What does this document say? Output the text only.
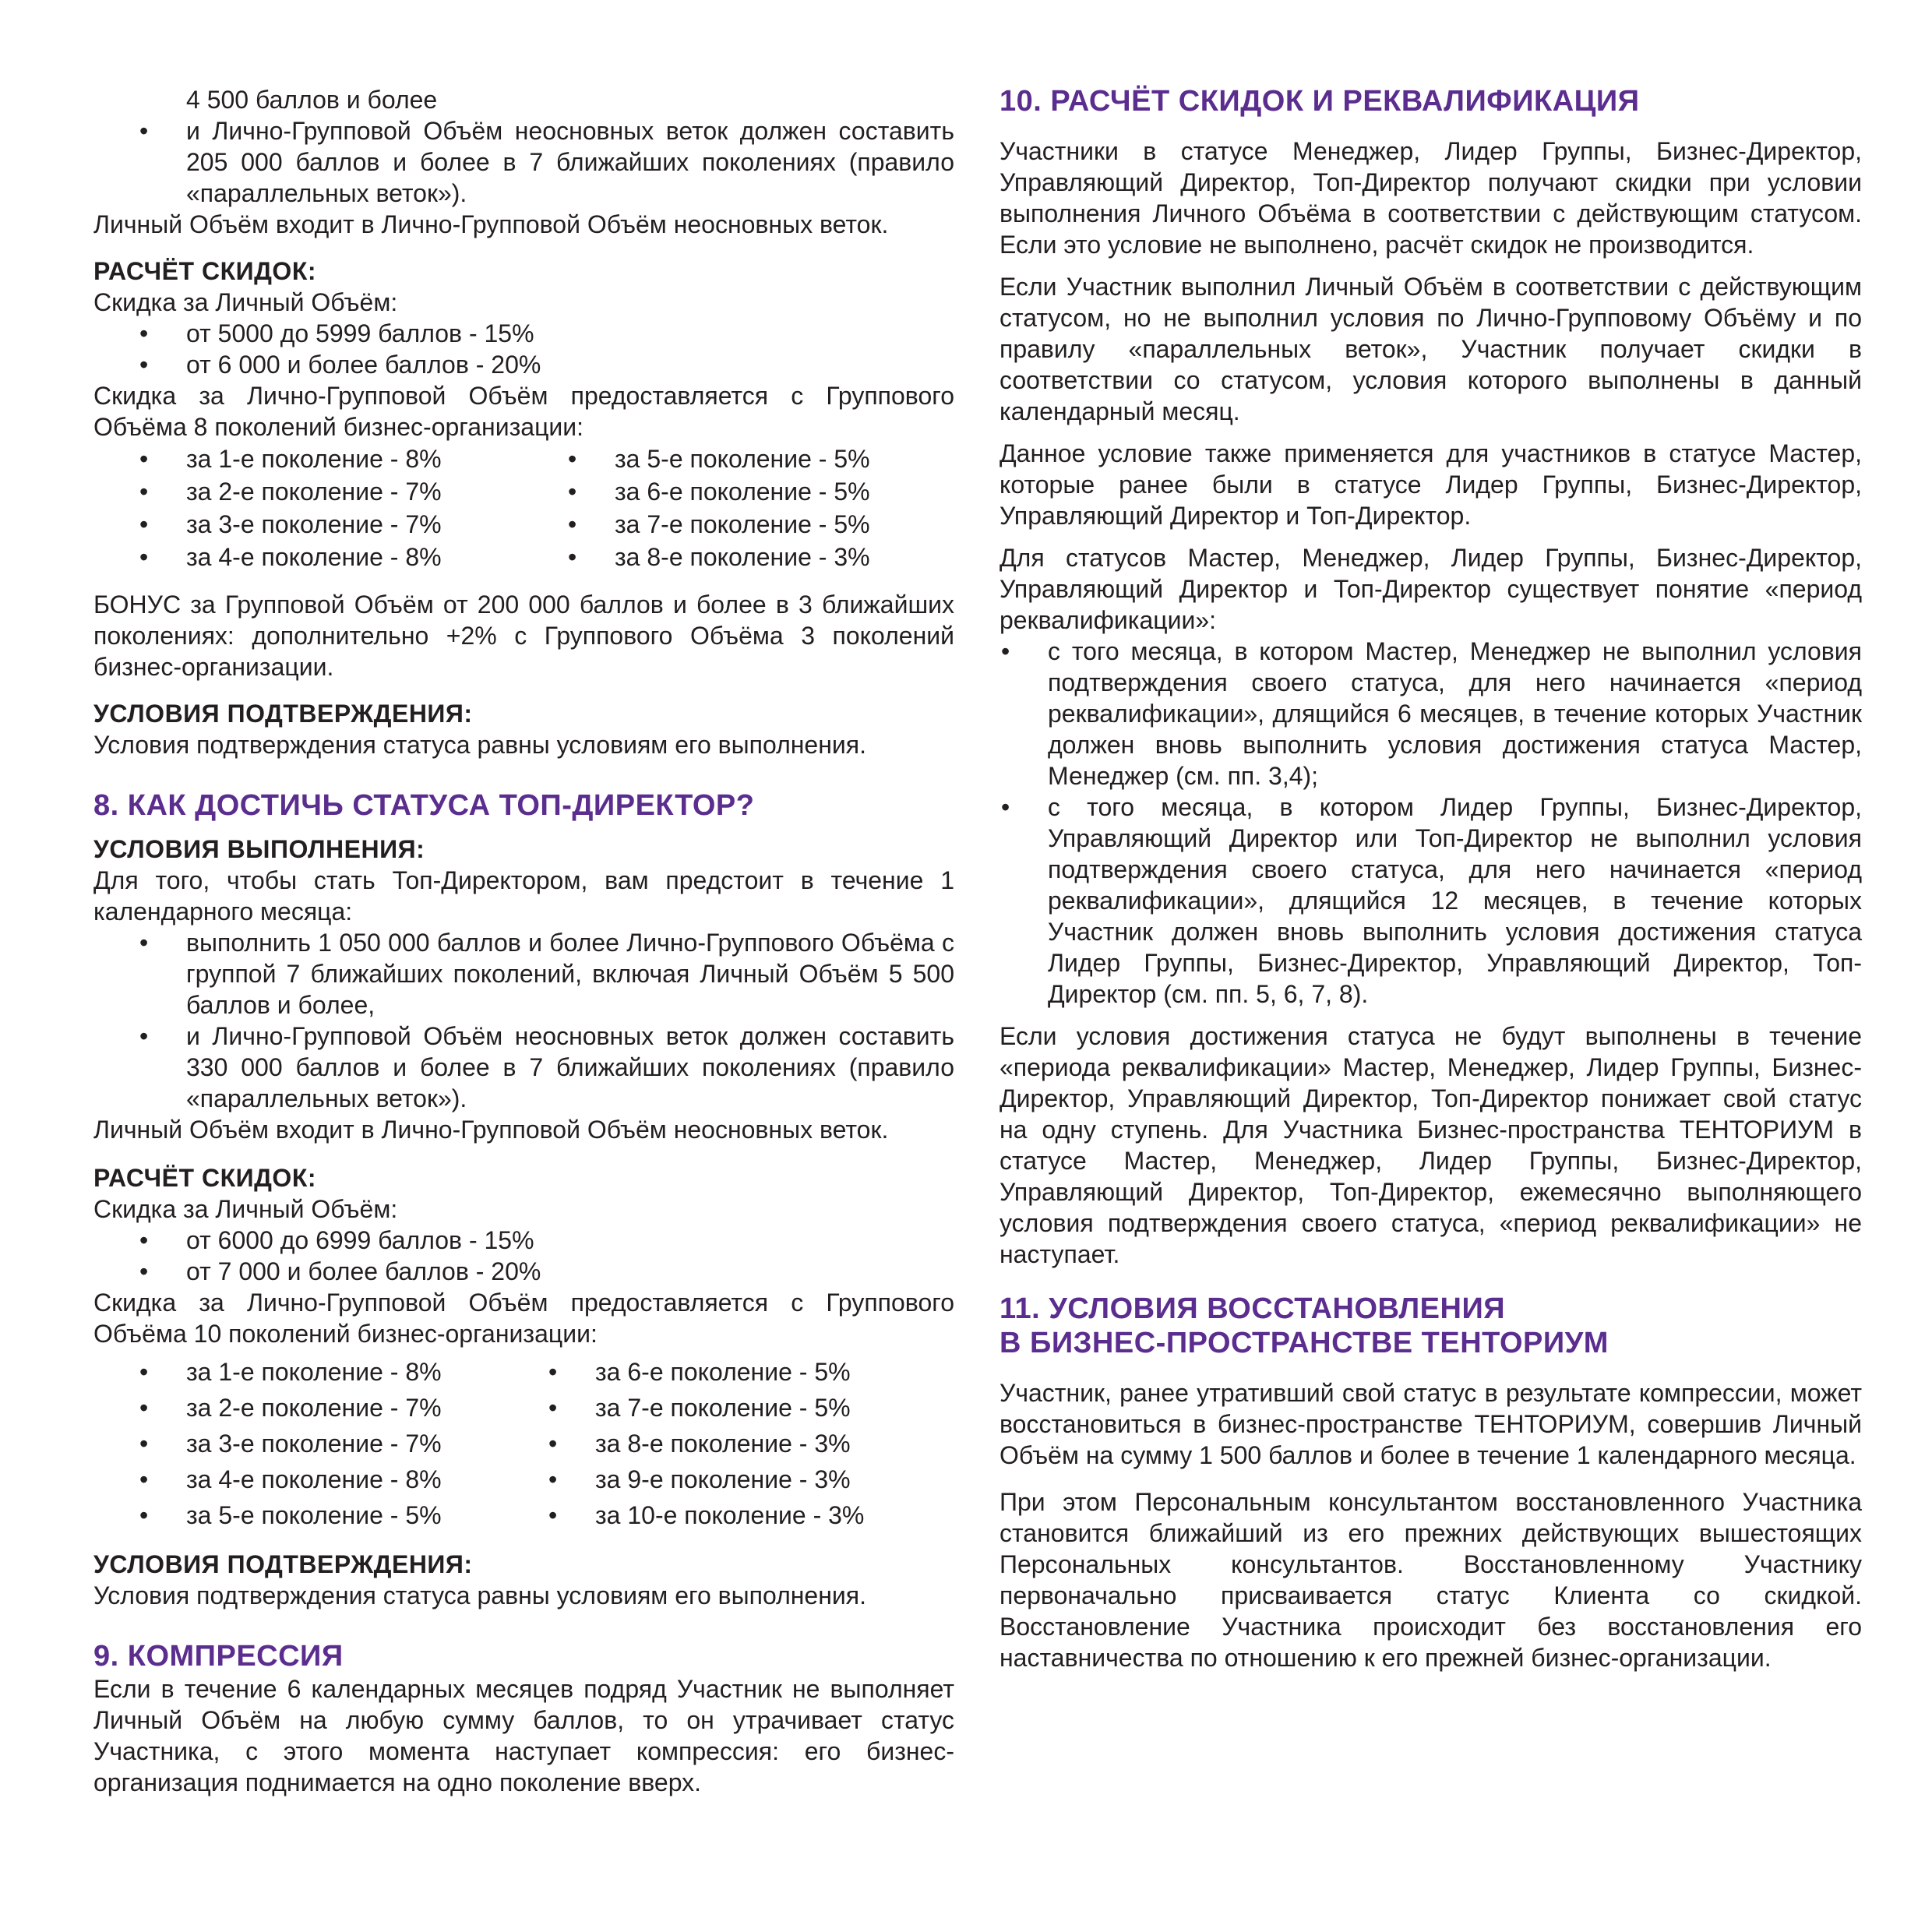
4 500 баллов и более

• и Лично-Групповой Объём неосновных веток должен составить 205 000 баллов и более в 7 ближайших поколениях (правило «параллельных веток»).

Личный Объём входит в Лично-Групповой Объём неосновных веток.

РАСЧЁТ СКИДОК:

Скидка за Личный Объём:

• от 5000 до 5999 баллов - 15%
• от 6 000 и более баллов - 20%

Скидка за Лично-Групповой Объём предоставляется с Группового Объёма 8 поколений бизнес-организации:

• за 1-е поколение - 8%	• за 5-е поколение - 5%
• за 2-е поколение - 7%	• за 6-е поколение - 5%
• за 3-е поколение - 7%	• за 7-е поколение - 5%
• за 4-е поколение - 8%	• за 8-е поколение - 3%

БОНУС за Групповой Объём от 200 000 баллов и более в 3 ближайших поколениях: дополнительно +2% с Группового Объёма 3 поколений бизнес-организации.

УСЛОВИЯ ПОДТВЕРЖДЕНИЯ:

Условия подтверждения статуса равны условиям его выполнения.

8. КАК ДОСТИЧЬ СТАТУСА ТОП-ДИРЕКТОР?
УСЛОВИЯ ВЫПОЛНЕНИЯ:

Для того, чтобы стать Топ-Директором, вам предстоит в течение 1 календарного месяца:

• выполнить 1 050 000 баллов и более Лично-Группового Объёма с группой 7 ближайших поколений, включая Личный Объём 5 500 баллов и более,
• и Лично-Групповой Объём неосновных веток должен составить 330 000 баллов и более в 7 ближайших поколениях (правило «параллельных веток»).

Личный Объём входит в Лично-Групповой Объём неосновных веток.

РАСЧЁТ СКИДОК:

Скидка за Личный Объём:

• от 6000 до 6999 баллов - 15%
• от 7 000 и более баллов - 20%

Скидка за Лично-Групповой Объём предоставляется с Группового Объёма 10 поколений бизнес-организации:

• за 1-е поколение - 8%	• за 6-е поколение - 5%
• за 2-е поколение - 7%	• за 7-е поколение - 5%
• за 3-е поколение - 7%	• за 8-е поколение - 3%
• за 4-е поколение - 8%	• за 9-е поколение - 3%
• за 5-е поколение - 5%	• за 10-е поколение - 3%
УСЛОВИЯ ПОДТВЕРЖДЕНИЯ:

Условия подтверждения статуса равны условиям его выполнения.

9. КОМПРЕССИЯ

Если в течение 6 календарных месяцев подряд Участник не выполняет Личный Объём на любую сумму баллов, то он утрачивает статус Участника, с этого момента наступает компрессия: его бизнес-организация поднимается на одно поколение вверх.

10. РАСЧЁТ СКИДОК И РЕКВАЛИФИКАЦИЯ

Участники в статусе Менеджер, Лидер Группы, Бизнес-Директор, Управляющий Директор, Топ-Директор получают скидки при условии выполнения Личного Объёма в соответствии с действующим статусом. Если это условие не выполнено, расчёт скидок не производится.

Если Участник выполнил Личный Объём в соответствии с действующим статусом, но не выполнил условия по Лично-Групповому Объёму и по правилу «параллельных веток», Участник получает скидки в соответствии со статусом, условия которого выполнены в данный календарный месяц.

Данное условие также применяется для участников в статусе Мастер, которые ранее были в статусе Лидер Группы, Бизнес-Директор, Управляющий Директор и Топ-Директор.

Для статусов Мастер, Менеджер, Лидер Группы, Бизнес-Директор, Управляющий Директор и Топ-Директор существует понятие «период реквалификации»:

• с того месяца, в котором Мастер, Менеджер не выполнил условия подтверждения своего статуса, для него начинается «период реквалификации», длящийся 6 месяцев, в течение которых Участник должен вновь выполнить условия достижения статуса Мастер, Менеджер (см. пп. 3,4);
• с того месяца, в котором Лидер Группы, Бизнес-Директор, Управляющий Директор или Топ-Директор не выполнил условия подтверждения своего статуса, для него начинается «период реквалификации», длящийся 12 месяцев, в течение которых Участник должен вновь выполнить условия достижения статуса Лидер Группы, Бизнес-Директор, Управляющий Директор, Топ-Директор (см. пп. 5, 6, 7, 8).

Если условия достижения статуса не будут выполнены в течение «периода реквалификации» Мастер, Менеджер, Лидер Группы, Бизнес-Директор, Управляющий Директор, Топ-Директор понижает свой статус на одну ступень. Для Участника Бизнес-пространства ТЕНТОРИУМ в статусе Мастер, Менеджер, Лидер Группы, Бизнес-Директор, Управляющий Директор, Топ-Директор, ежемесячно выполняющего условия подтверждения своего статуса, «период реквалификации» не наступает.

11. УСЛОВИЯ ВОССТАНОВЛЕНИЯ
В БИЗНЕС-ПРОСТРАНСТВЕ ТЕНТОРИУМ

Участник, ранее утративший свой статус в результате компрессии, может восстановиться в бизнес-пространстве ТЕНТОРИУМ, совершив Личный Объём на сумму 1 500 баллов и более в течение 1 календарного месяца.

При этом Персональным консультантом восстановленного Участника становится ближайший из его прежних действующих вышестоящих Персональных консультантов. Восстановленному Участнику первоначально присваивается статус Клиента со скидкой. Восстановление Участника происходит без восстановления его наставничества по отношению к его прежней бизнес-организации.
